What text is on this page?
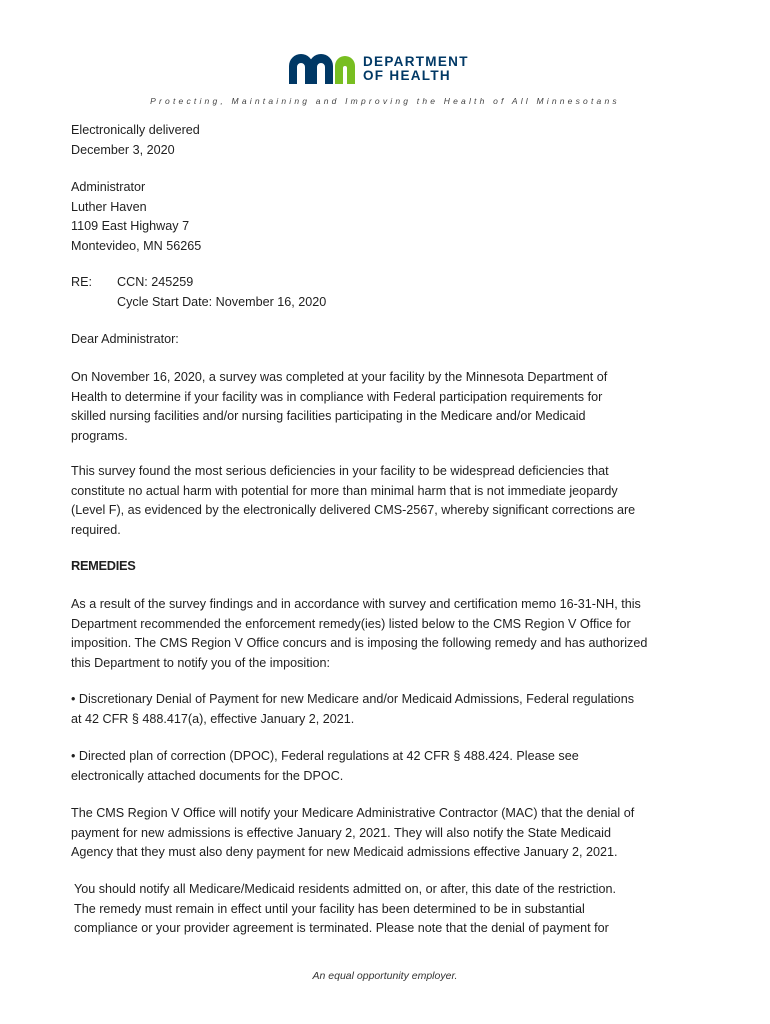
DEPARTMENT
OF HEALTH
Protecting, Maintaining and Improving the Health of All Minnesotans
Electronically delivered
December 3, 2020
Administrator
Luther Haven
1109 East Highway 7
Montevideo, MN 56265
RE: CCN: 245259
Cycle Start Date: November 16, 2020
Dear Administrator:
On November 16, 2020, a survey was completed at your facility by the Minnesota Department of
Health to determine if your facility was in compliance with Federal participation requirements for
skilled nursing facilities and/or nursing facilities participating in the Medicare and/or Medicaid
programs.
This survey found the most serious deficiencies in your facility to be widespread deficiencies that
constitute no actual harm with potential for more than minimal harm that is not immediate jeopardy
(Level F), as evidenced by the electronically delivered CMS-2567, whereby significant corrections are
required.
REMEDIES
As a result of the survey findings and in accordance with survey and certification memo 16-31-NH, this
Department recommended the enforcement remedy(ies) listed below to the CMS Region V Office for
imposition. The CMS Region V Office concurs and is imposing the following remedy and has authorized
this Department to notify you of the imposition:
• Discretionary Denial of Payment for new Medicare and/or Medicaid Admissions, Federal regulations
at 42 CFR § 488.417(a), effective January 2, 2021.
• Directed plan of correction (DPOC), Federal regulations at 42 CFR § 488.424. Please see
electronically attached documents for the DPOC.
The CMS Region V Office will notify your Medicare Administrative Contractor (MAC) that the denial of
payment for new admissions is effective January 2, 2021. They will also notify the State Medicaid
Agency that they must also deny payment for new Medicaid admissions effective January 2, 2021.
You should notify all Medicare/Medicaid residents admitted on, or after, this date of the restriction.
The remedy must remain in effect until your facility has been determined to be in substantial
compliance or your provider agreement is terminated. Please note that the denial of payment for
An equal opportunity employer.
